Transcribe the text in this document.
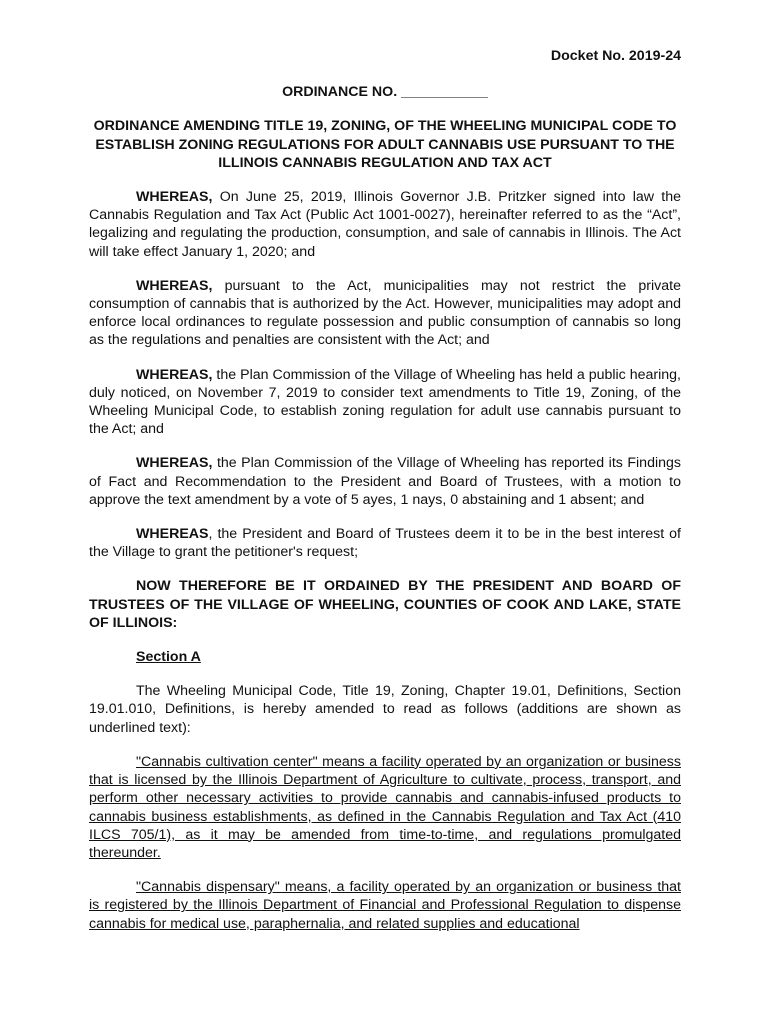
Docket No. 2019-24
ORDINANCE NO. ___________
ORDINANCE AMENDING TITLE 19, ZONING, OF THE WHEELING MUNICIPAL CODE TO ESTABLISH ZONING REGULATIONS FOR ADULT CANNABIS USE PURSUANT TO THE ILLINOIS CANNABIS REGULATION AND TAX ACT

WHEREAS, On June 25, 2019, Illinois Governor J.B. Pritzker signed into law the Cannabis Regulation and Tax Act (Public Act 1001-0027), hereinafter referred to as the “Act”, legalizing and regulating the production, consumption, and sale of cannabis in Illinois. The Act will take effect January 1, 2020; and

WHEREAS, pursuant to the Act, municipalities may not restrict the private consumption of cannabis that is authorized by the Act. However, municipalities may adopt and enforce local ordinances to regulate possession and public consumption of cannabis so long as the regulations and penalties are consistent with the Act; and

WHEREAS, the Plan Commission of the Village of Wheeling has held a public hearing, duly noticed, on November 7, 2019 to consider text amendments to Title 19, Zoning, of the Wheeling Municipal Code, to establish zoning regulation for adult use cannabis pursuant to the Act; and

WHEREAS, the Plan Commission of the Village of Wheeling has reported its Findings of Fact and Recommendation to the President and Board of Trustees, with a motion to approve the text amendment by a vote of 5 ayes, 1 nays, 0 abstaining and 1 absent; and

WHEREAS, the President and Board of Trustees deem it to be in the best interest of the Village to grant the petitioner's request;

NOW THEREFORE BE IT ORDAINED BY THE PRESIDENT AND BOARD OF TRUSTEES OF THE VILLAGE OF WHEELING, COUNTIES OF COOK AND LAKE, STATE OF ILLINOIS:
Section A

The Wheeling Municipal Code, Title 19, Zoning, Chapter 19.01, Definitions, Section 19.01.010, Definitions, is hereby amended to read as follows (additions are shown as underlined text):

"Cannabis cultivation center" means a facility operated by an organization or business that is licensed by the Illinois Department of Agriculture to cultivate, process, transport, and perform other necessary activities to provide cannabis and cannabis-infused products to cannabis business establishments, as defined in the Cannabis Regulation and Tax Act (410 ILCS 705/1), as it may be amended from time-to-time, and regulations promulgated thereunder.

"Cannabis dispensary" means, a facility operated by an organization or business that is registered by the Illinois Department of Financial and Professional Regulation to dispense cannabis for medical use, paraphernalia, and related supplies and educational
